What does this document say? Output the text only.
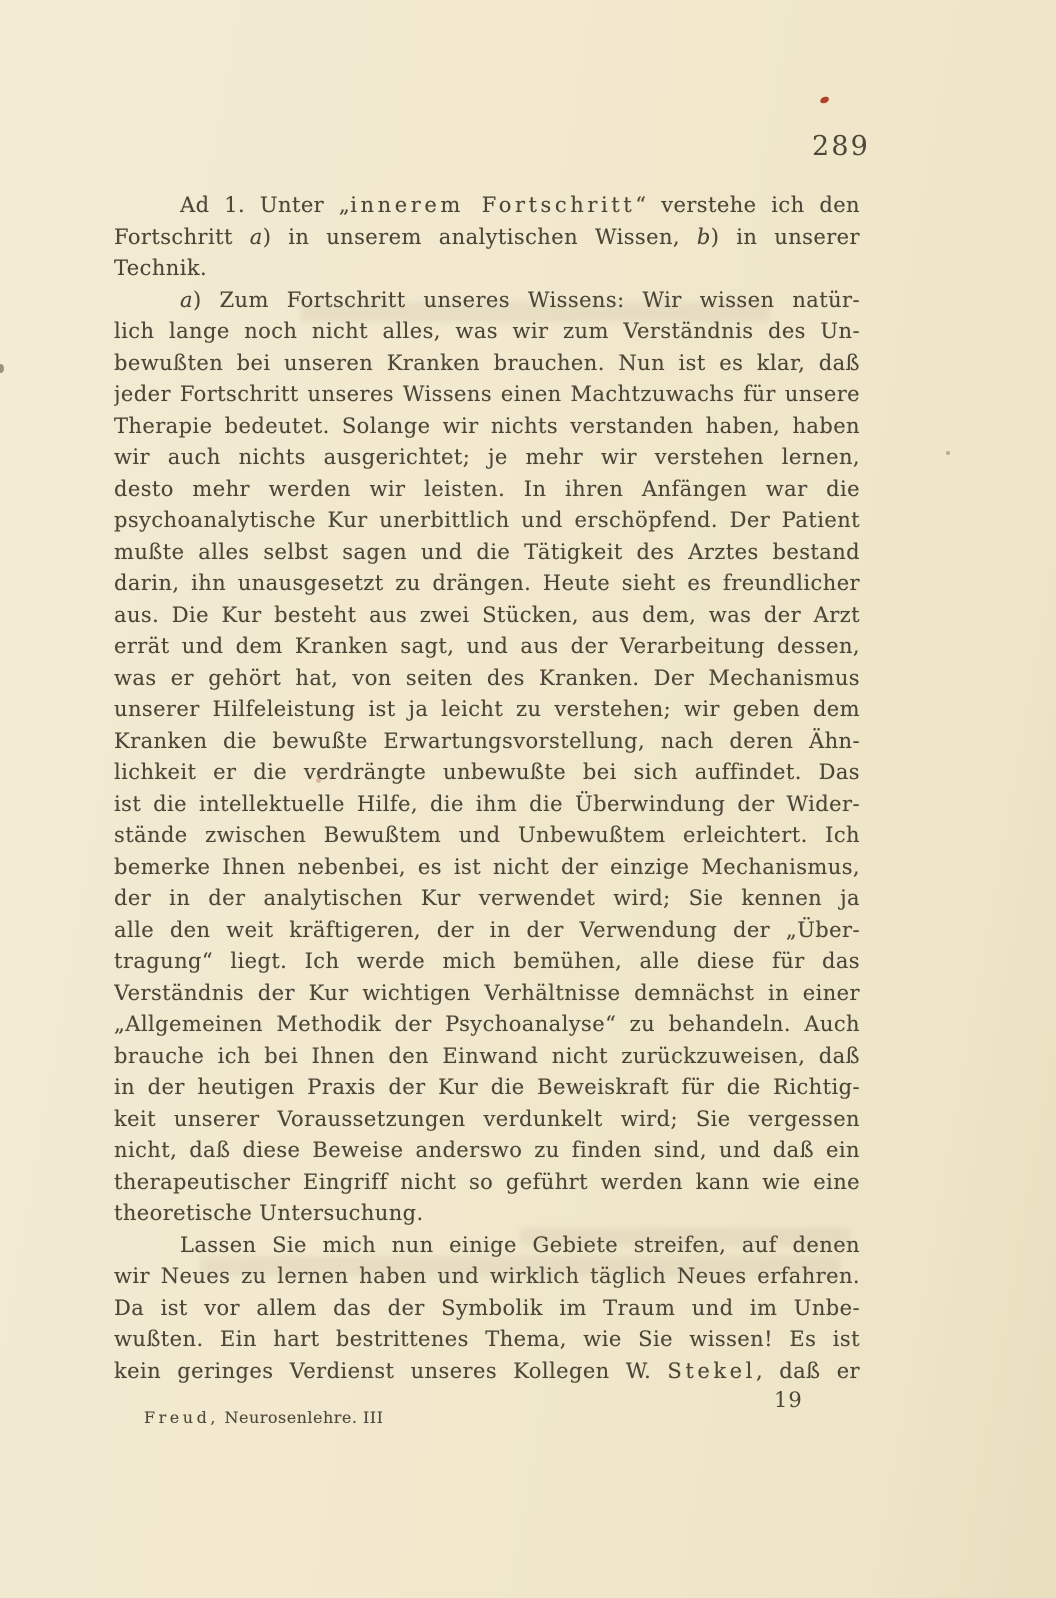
289
Ad 1. Unter „innerem Fortschritt“ verstehe ich den
Fortschritt a) in unserem analytischen Wissen, b) in unserer
Technik.
a) Zum Fortschritt unseres Wissens: Wir wissen natür-
lich lange noch nicht alles, was wir zum Verständnis des Un-
bewußten bei unseren Kranken brauchen. Nun ist es klar, daß
jeder Fortschritt unseres Wissens einen Machtzuwachs für unsere
Therapie bedeutet. Solange wir nichts verstanden haben, haben
wir auch nichts ausgerichtet; je mehr wir verstehen lernen,
desto mehr werden wir leisten. In ihren Anfängen war die
psychoanalytische Kur unerbittlich und erschöpfend. Der Patient
mußte alles selbst sagen und die Tätigkeit des Arztes bestand
darin, ihn unausgesetzt zu drängen. Heute sieht es freundlicher
aus. Die Kur besteht aus zwei Stücken, aus dem, was der Arzt
errät und dem Kranken sagt, und aus der Verarbeitung dessen,
was er gehört hat, von seiten des Kranken. Der Mechanismus
unserer Hilfeleistung ist ja leicht zu verstehen; wir geben dem
Kranken die bewußte Erwartungsvorstellung, nach deren Ähn-
lichkeit er die verdrängte unbewußte bei sich auffindet. Das
ist die intellektuelle Hilfe, die ihm die Überwindung der Wider-
stände zwischen Bewußtem und Unbewußtem erleichtert. Ich
bemerke Ihnen nebenbei, es ist nicht der einzige Mechanismus,
der in der analytischen Kur verwendet wird; Sie kennen ja
alle den weit kräftigeren, der in der Verwendung der „Über-
tragung“ liegt. Ich werde mich bemühen, alle diese für das
Verständnis der Kur wichtigen Verhältnisse demnächst in einer
„Allgemeinen Methodik der Psychoanalyse“ zu behandeln. Auch
brauche ich bei Ihnen den Einwand nicht zurückzuweisen, daß
in der heutigen Praxis der Kur die Beweiskraft für die Richtig-
keit unserer Voraussetzungen verdunkelt wird; Sie vergessen
nicht, daß diese Beweise anderswo zu finden sind, und daß ein
therapeutischer Eingriff nicht so geführt werden kann wie eine
theoretische Untersuchung.
Lassen Sie mich nun einige Gebiete streifen, auf denen
wir Neues zu lernen haben und wirklich täglich Neues erfahren.
Da ist vor allem das der Symbolik im Traum und im Unbe-
wußten. Ein hart bestrittenes Thema, wie Sie wissen! Es ist
kein geringes Verdienst unseres Kollegen W. Stekel, daß er
19
Freud, Neurosenlehre. III
